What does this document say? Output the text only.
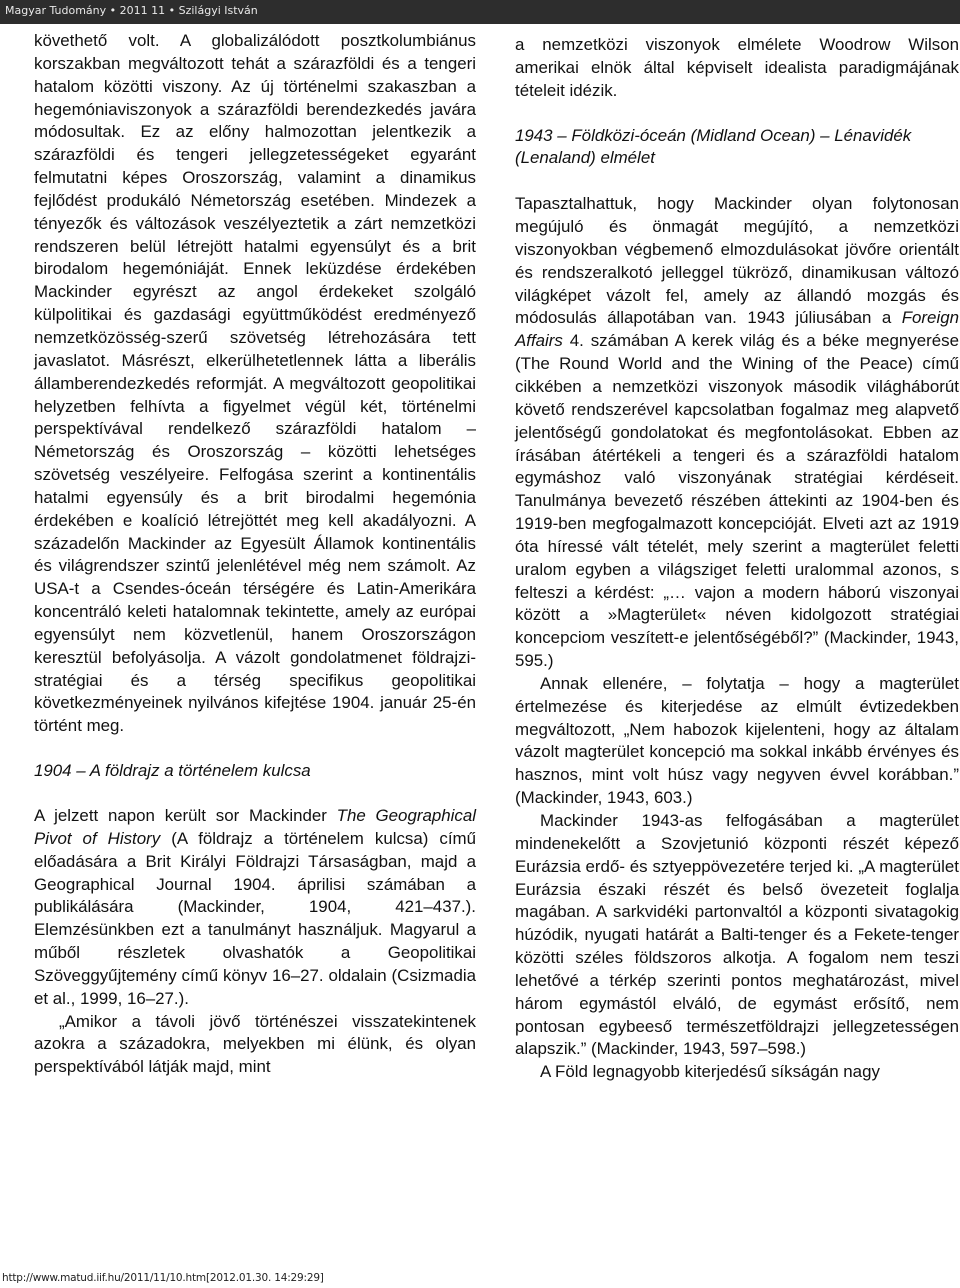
Magyar Tudomány • 2011 11 • Szilágyi István

követhető volt. A globalizálódott posztkolumbiánus korszakban megváltozott tehát a szárazföldi és a tengeri hatalom közötti viszony. Az új történelmi szakaszban a hegemóniaviszonyok a szárazföldi berendezkedés javára módosultak. Ez az előny halmozottan jelentkezik a szárazföldi és tengeri jellegzetességeket egyaránt felmutatni képes Oroszország, valamint a dinamikus fejlődést produkáló Németország esetében. Mindezek a tényezők és változások veszélyeztetik a zárt nemzetközi rendszeren belül létrejött hatalmi egyensúlyt és a brit birodalom hegemóniáját. Ennek leküzdése érdekében Mackinder egyrészt az angol érdekeket szolgáló külpolitikai és gazdasági együttműködést eredményező nemzetközösség-szerű szövetség létrehozására tett javaslatot. Másrészt, elkerülhetetlennek látta a liberális államberendezkedés reformját. A megváltozott geopolitikai helyzetben felhívta a figyelmet végül két, történelmi perspektívával rendelkező szárazföldi hatalom – Németország és Oroszország – közötti lehetséges szövetség veszélyeire. Felfogása szerint a kontinentális hatalmi egyensúly és a brit birodalmi hegemónia érdekében e koalíció létrejöttét meg kell akadályozni. A századelőn Mackinder az Egyesült Államok kontinentális és világrendszer szintű jelenlétével még nem számolt. Az USA-t a Csendes-óceán térségére és Latin-Amerikára koncentráló keleti hatalomnak tekintette, amely az európai egyensúlyt nem közvetlenül, hanem Oroszországon keresztül befolyásolja. A vázolt gondolatmenet földrajzi-stratégiai és a térség specifikus geopolitikai következményeinek nyilvános kifejtése 1904. január 25-én történt meg.

1904 – A földrajz a történelem kulcsa

A jelzett napon került sor Mackinder The Geographical Pivot of History (A földrajz a történelem kulcsa) című előadására a Brit Királyi Földrajzi Társaságban, majd a Geographical Journal 1904. áprilisi számában a publikálására (Mackinder, 1904, 421–437.). Elemzésünkben ezt a tanulmányt használjuk. Magyarul a műből részletek olvashatók a Geopolitikai Szöveggyűjtemény című könyv 16–27. oldalain (Csizmadia et al., 1999, 16–27.).

„Amikor a távoli jövő történészei visszatekintenek azokra a századokra, melyekben mi élünk, és olyan perspektívából látják majd, mint

a nemzetközi viszonyok elmélete Woodrow Wilson amerikai elnök által képviselt idealista paradigmájának tételeit idézik.

1943 – Földközi-óceán (Midland Ocean) – Lénavidék (Lenaland) elmélet

Tapasztalhattuk, hogy Mackinder olyan folytonosan megújuló és önmagát megújító, a nemzetközi viszonyokban végbemenő elmozdulásokat jövőre orientált és rendszeralkotó jelleggel tükröző, dinamikusan változó világképet vázolt fel, amely az állandó mozgás és módosulás állapotában van. 1943 júliusában a Foreign Affairs 4. számában A kerek világ és a béke megnyerése (The Round World and the Wining of the Peace) című cikkében a nemzetközi viszonyok második világháborút követő rendszerével kapcsolatban fogalmaz meg alapvető jelentőségű gondolatokat és megfontolásokat. Ebben az írásában átértékeli a tengeri és a szárazföldi hatalom egymáshoz való viszonyának stratégiai kérdéseit. Tanulmánya bevezető részében áttekinti az 1904-ben és 1919-ben megfogalmazott koncepcióját. Elveti azt az 1919 óta híressé vált tételét, mely szerint a magterület feletti uralom egyben a világsziget feletti uralommal azonos, s felteszi a kérdést: „… vajon a modern háború viszonyai között a »Magterület« néven kidolgozott stratégiai koncepciom veszített-e jelentőségéből?” (Mackinder, 1943, 595.)

Annak ellenére, – folytatja – hogy a magterület értelmezése és kiterjedése az elmúlt évtizedekben megváltozott, „Nem habozok kijelenteni, hogy az általam vázolt magterület koncepció ma sokkal inkább érvényes és hasznos, mint volt húsz vagy negyven évvel korábban.” (Mackinder, 1943, 603.)

Mackinder 1943-as felfogásában a magterület mindenekelőtt a Szovjetunió központi részét képező Eurázsia erdő- és sztyeppövezetére terjed ki. „A magterület Eurázsia északi részét és belső övezeteit foglalja magában. A sarkvidéki partonvaltól a központi sivatagokig húzódik, nyugati határát a Balti-tenger és a Fekete-tenger közötti széles földszoros alkotja. A fogalom nem teszi lehetővé a térkép szerinti pontos meghatározást, mivel három egymástól elváló, de egymást erősítő, nem pontosan egybeeső természetföldrajzi jellegzetességen alapszik.” (Mackinder, 1943, 597–598.)

A Föld legnagyobb kiterjedésű síkságán nagy

http://www.matud.iif.hu/2011/11/10.htm[2012.01.30. 14:29:29]
